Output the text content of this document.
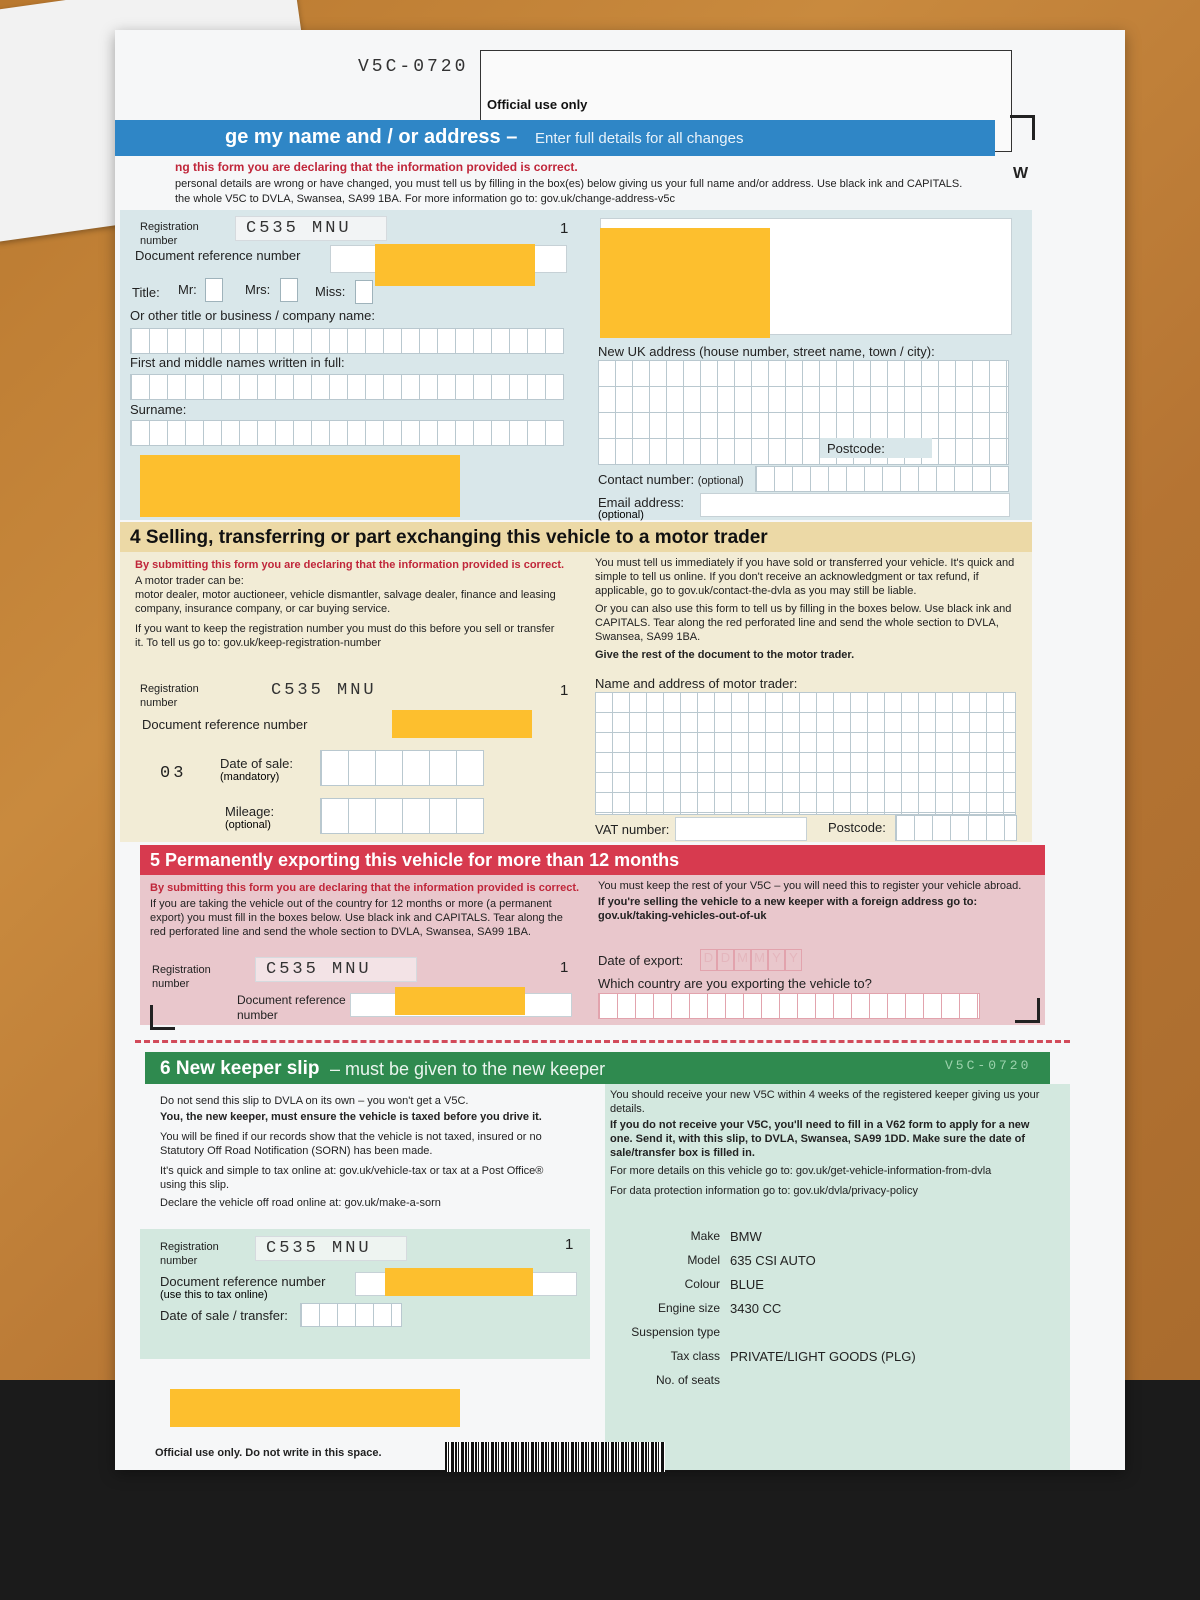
V5C-0720
Official use only
W
ge my name and / or address – Enter full details for all changes
ng this form you are declaring that the information provided is correct.
personal details are wrong or have changed, you must tell us by filling in the box(es) below giving us your full name and/or address. Use black ink and CAPITALS.
the whole V5C to DVLA, Swansea, SA99 1BA. For more information go to: gov.uk/change-address-v5c
Registration number
C535 MNU	1
Document reference number
Title: Mr:	Mrs:	Miss:
Or other title or business / company name:
First and middle names written in full:
Surname:
New UK address (house number, street name, town / city):
Postcode:
Contact number: (optional)
Email address:
(optional)
4 Selling, transferring or part exchanging this vehicle to a motor trader
By submitting this form you are declaring that the information provided is correct.
A motor trader can be:
motor dealer, motor auctioneer, vehicle dismantler, salvage dealer, finance and leasing company, insurance company, or car buying service.
If you want to keep the registration number you must do this before you sell or transfer it. To tell us go to: gov.uk/keep-registration-number
You must tell us immediately if you have sold or transferred your vehicle. It's quick and simple to tell us online. If you don't receive an acknowledgment or tax refund, if applicable, go to gov.uk/contact-the-dvla as you may still be liable.
Or you can also use this form to tell us by filling in the boxes below. Use black ink and CAPITALS. Tear along the red perforated line and send the whole section to DVLA, Swansea, SA99 1BA.
Give the rest of the document to the motor trader.
Registration number
C535 MNU	1
Document reference number
03
Date of sale:
(mandatory)
Mileage:
(optional)
Name and address of motor trader:
VAT number:	Postcode:
5 Permanently exporting this vehicle for more than 12 months
By submitting this form you are declaring that the information provided is correct.
If you are taking the vehicle out of the country for 12 months or more (a permanent export) you must fill in the boxes below. Use black ink and CAPITALS. Tear along the red perforated line and send the whole section to DVLA, Swansea, SA99 1BA.
You must keep the rest of your V5C – you will need this to register your vehicle abroad.
If you're selling the vehicle to a new keeper with a foreign address go to: gov.uk/taking-vehicles-out-of-uk
Registration number
C535 MNU	1
Document reference number
Date of export: D D M M Y Y
Which country are you exporting the vehicle to?
6 New keeper slip – must be given to the new keeper	V5C-0720
Do not send this slip to DVLA on its own – you won't get a V5C.
You, the new keeper, must ensure the vehicle is taxed before you drive it.
You will be fined if our records show that the vehicle is not taxed, insured or no Statutory Off Road Notification (SORN) has been made.
It's quick and simple to tax online at: gov.uk/vehicle-tax or tax at a Post Office® using this slip.
Declare the vehicle off road online at: gov.uk/make-a-sorn
You should receive your new V5C within 4 weeks of the registered keeper giving us your details.
If you do not receive your V5C, you'll need to fill in a V62 form to apply for a new one. Send it, with this slip, to DVLA, Swansea, SA99 1DD. Make sure the date of sale/transfer box is filled in.
For more details on this vehicle go to: gov.uk/get-vehicle-information-from-dvla
For data protection information go to: gov.uk/dvla/privacy-policy
Registration number
C535 MNU	1
Document reference number
(use this to tax online)
Date of sale / transfer:
Make BMW
Model 635 CSI AUTO
Colour BLUE
Engine size 3430 CC
Suspension type
Tax class PRIVATE/LIGHT GOODS (PLG)
No. of seats
Official use only. Do not write in this space.
